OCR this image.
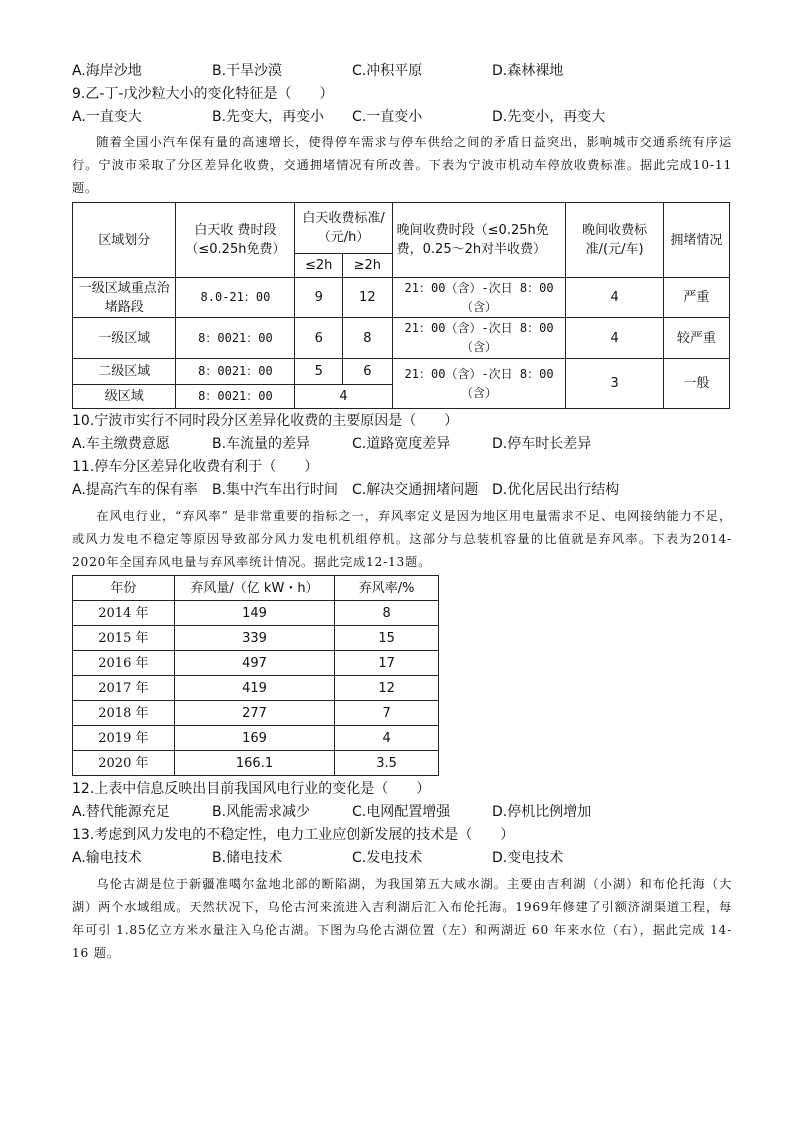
A.海岸沙地	B.干旱沙漠	C.冲积平原	D.森林裸地
9.乙-丁-戊沙粒大小的变化特征是（　　）
A.一直变大	B.先变大，再变小	C.一直变小	D.先变小，再变大

随着全国小汽车保有量的高速增长，使得停车需求与停车供给之间的矛盾日益突出，影响城市交通系统有序运行。宁波市采取了分区差异化收费，交通拥堵情况有所改善。下表为宁波市机动车停放收费标准。据此完成10-11题。

区域划分	白天收 费时段（≤0.25h免费）	白天收费标准/（元/h）		晚间收费时段（≤0.25h免费，0.25～2h对半收费）	晚间收费标准/(元/车)	拥堵情况
		≤2h	≥2h			
一级区域重点治堵路段	8.0-21：00	9	12	21：00（含）-次日 8：00（含）	4	严重
一级区域	8：0021：00	6	8	21：00（含）-次日 8：00（含）	4	较严重
二级区域	8：0021：00	5	6	21：00（含）-次日 8：00（含）	3	一般
级区域	8：0021：00	4				
10.宁波市实行不同时段分区差异化收费的主要原因是（　　）
A.车主缴费意愿	B.车流量的差异	C.道路宽度差异	D.停车时长差异
11.停车分区差异化收费有利于（　　）
A.提高汽车的保有率	B.集中汽车出行时间 C.解决交通拥堵问题 D.优化居民出行结构

在风电行业，“弃风率” 是非常重要的指标之一，弃风率定义是因为地区用电量需求不足、电网接纳能力不足，或风力发电不稳定等原因导致部分风力发电机机组停机。这部分与总装机容量的比值就是弃风率。下表为2014-2020年全国弃风电量与弃风率统计情况。据此完成12-13题。

年份	弃风量/（亿 kW・h）	弃风率/%
2014 年	149	8
2015 年	339	15
2016 年	497	17
2017 年	419	12
2018 年	277	7
2019 年	169	4
2020 年	166.1	3.5
12.上表中信息反映出目前我国风电行业的变化是（　　）
A.替代能源充足	B.风能需求减少	C.电网配置增强	D.停机比例增加
13.考虑到风力发电的不稳定性，电力工业应创新发展的技术是（　　）
A.输电技术	B.储电技术	C.发电技术	D.变电技术

乌伦古湖是位于新疆准噶尔盆地北部的断陷湖，为我国第五大咸水湖。主要由吉利湖（小湖）和布伦托海（大湖）两个水域组成。天然状况下，乌伦古河来流进入吉利湖后汇入布伦托海。1969年修建了引额济湖渠道工程，每年可引 1.85亿立方米水量注入乌伦古湖。下图为乌伦古湖位置（左）和两湖近 60 年来水位（右），据此完成 14-16 题。
